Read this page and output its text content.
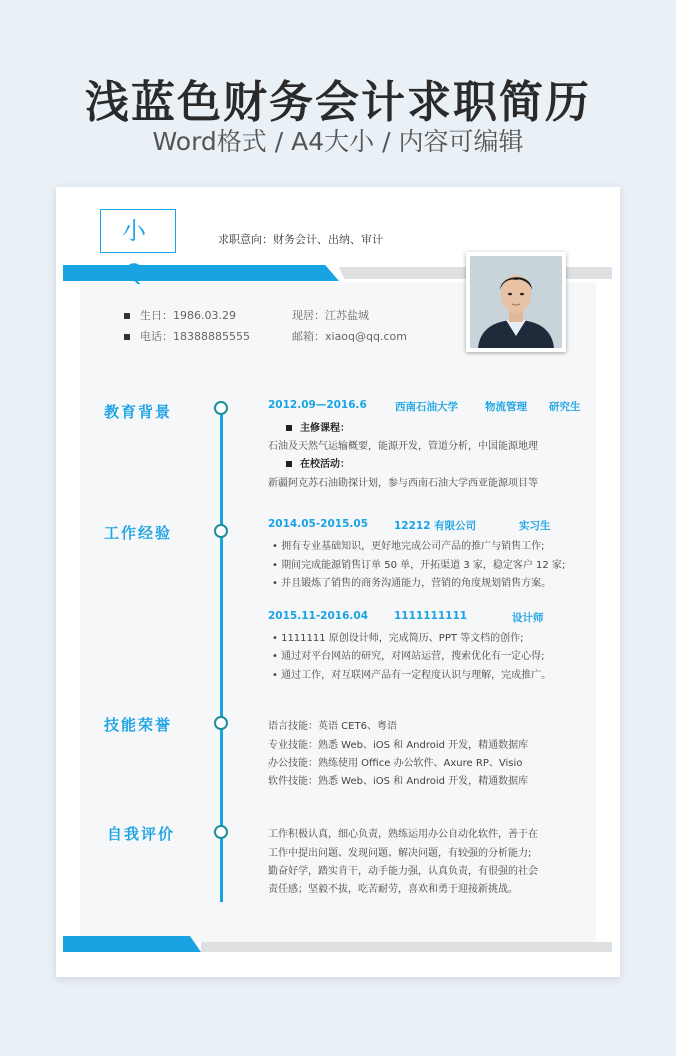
浅蓝色财务会计求职简历
Word格式 / A4大小 / 内容可编辑
小	求职意向：财务会计、出纳、审计
生日：1986.03.29	现居：江苏盐城
电话：18388885555	邮箱：xiaoq@qq.com
教育背景	2012.09—2016.6	西南石油大学	物流管理 研究生
主修课程：
石油及天然气运输概要，能源开发，管道分析，中国能源地理
在校活动：
新疆阿克苏石油勘探计划，参与西南石油大学西亚能源项目等
工作经验	2014.05-2015.05 12212 有限公司	实习生
• 拥有专业基础知识，更好地完成公司产品的推广与销售工作;
• 期间完成能源销售订单 50 单，开拓渠道 3 家，稳定客户 12 家;
• 并且锻炼了销售的商务沟通能力，营销的角度规划销售方案。
2015.11-2016.04 1111111111	设计师
• 1111111 原创设计师，完成简历、PPT 等文档的创作;
• 通过对平台网站的研究，对网站运营，搜索优化有一定心得;
• 通过工作，对互联网产品有一定程度认识与理解，完成推广。
技能荣誉	语言技能：英语 CET6、粤语
专业技能：熟悉 Web、iOS 和 Android 开发，精通数据库
办公技能：熟练使用 Office 办公软件、Axure RP、Visio
软件技能：熟悉 Web、iOS 和 Android 开发，精通数据库
自我评价	工作积极认真，细心负责，熟练运用办公自动化软件，善于在
工作中提出问题、发现问题、解决问题，有较强的分析能力;
勤奋好学，踏实肯干，动手能力强，认真负责，有很强的社会
责任感；坚毅不拔，吃苦耐劳，喜欢和勇于迎接新挑战。
